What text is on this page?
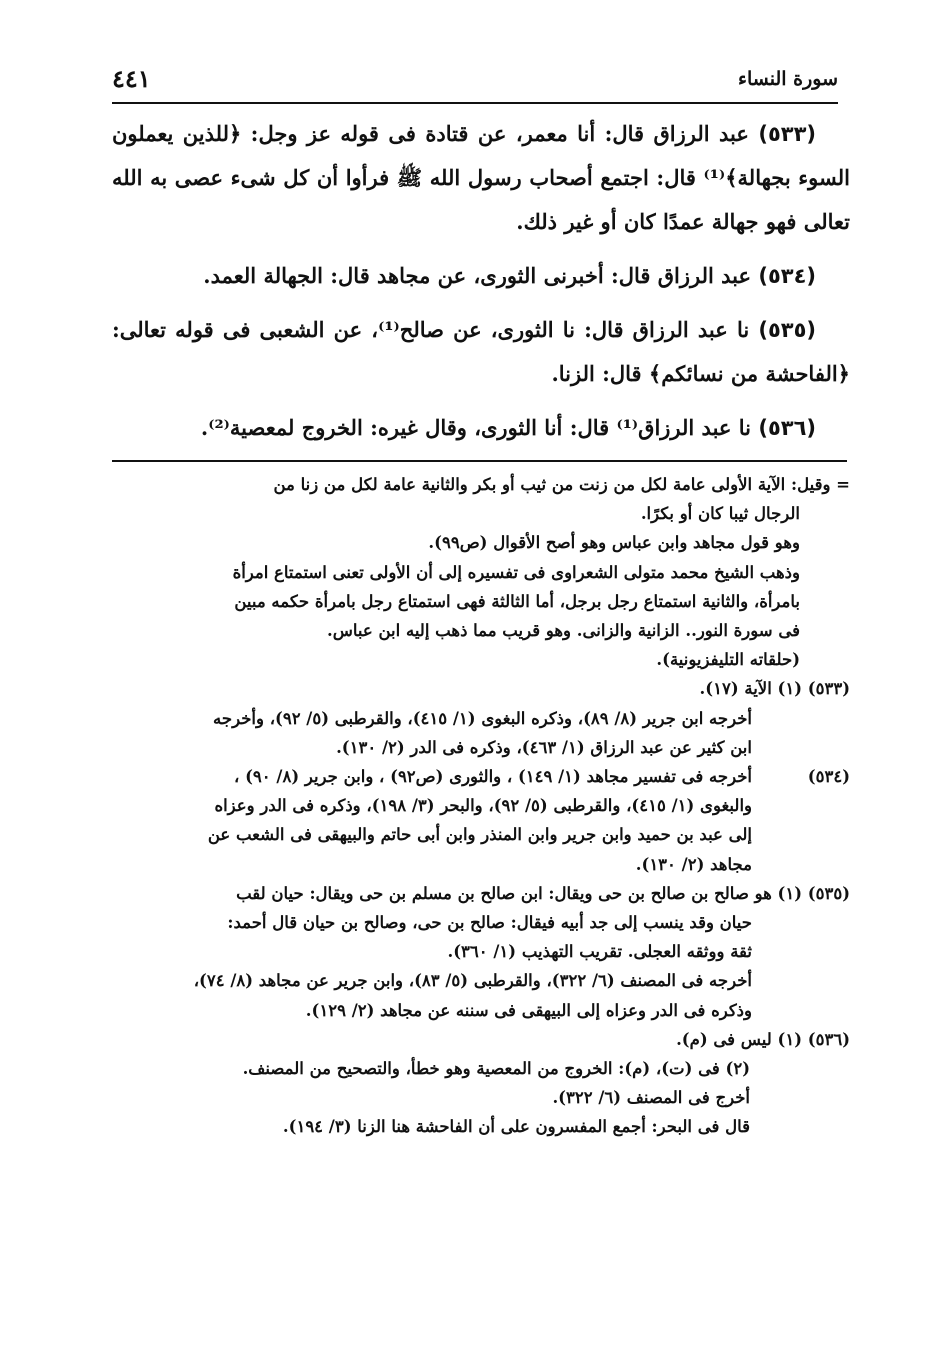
سورة النساء
٤٤١

(٥٣٣) عبد الرزاق قال: أنا معمر، عن قتادة فى قوله عز وجل: ﴿للذين يعملون السوء بجهالة﴾⁽¹⁾ قال: اجتمع أصحاب رسول الله ﷺ فرأوا أن كل شىء عصى به الله تعالى فهو جهالة عمدًا كان أو غير ذلك.

(٥٣٤) عبد الرزاق قال: أخبرنى الثورى، عن مجاهد قال: الجهالة العمد.

(٥٣٥) نا عبد الرزاق قال: نا الثورى، عن صالح⁽¹⁾، عن الشعبى فى قوله تعالى: ﴿الفاحشة من نسائكم﴾ قال: الزنا.

(٥٣٦) نا عبد الرزاق⁽¹⁾ قال: أنا الثورى، وقال غيره: الخروج لمعصية⁽²⁾.

= وقيل: الآية الأولى عامة لكل من زنت من ثيب أو بكر والثانية عامة لكل من زنا من
الرجال ثيبا كان أو بكرًا.
وهو قول مجاهد وابن عباس وهو أصح الأقوال (ص٩٩).
وذهب الشيخ محمد متولى الشعراوى فى تفسيره إلى أن الأولى تعنى استمتاع امرأة
بامرأة، والثانية استمتاع رجل برجل، أما الثالثة فهى استمتاع رجل بامرأة حكمه مبين
فى سورة النور.. الزانية والزانى. وهو قريب مما ذهب إليه ابن عباس.
(حلقاته التليفزيونية).
(٥٣٣) (١) الآية (١٧).
أخرجه ابن جرير (٨/ ٨٩)، وذكره البغوى (١/ ٤١٥)، والقرطبى (٥/ ٩٢)، وأخرجه
ابن كثير عن عبد الرزاق (١/ ٤٦٣)، وذكره فى الدر (٢/ ١٣٠).
(٥٣٤)أخرجه فى تفسير مجاهد (١/ ١٤٩) ، والثورى (ص٩٢) ، وابن جرير (٨/ ٩٠) ،
والبغوى (١/ ٤١٥)، والقرطبى (٥/ ٩٢)، والبحر (٣/ ١٩٨)، وذكره فى الدر وعزاه
إلى عبد بن حميد وابن جرير وابن المنذر وابن أبى حاتم والبيهقى فى الشعب عن
مجاهد (٢/ ١٣٠).
(٥٣٥) (١) هو صالح بن صالح بن حى ويقال: ابن صالح بن مسلم بن حى ويقال: حيان لقب
حيان وقد ينسب إلى جد أبيه فيقال: صالح بن حى، وصالح بن حيان قال أحمد:
ثقة ووثقه العجلى. تقريب التهذيب (١/ ٣٦٠).
أخرجه فى المصنف (٦/ ٣٢٢)، والقرطبى (٥/ ٨٣)، وابن جرير عن مجاهد (٨/ ٧٤)،
وذكره فى الدر وعزاه إلى البيهقى فى سننه عن مجاهد (٢/ ١٢٩).
(٥٣٦) (١) ليس فى (م).
(٢) فى (ت)، (م): الخروج من المعصية وهو خطأ، والتصحيح من المصنف.
أخرج فى المصنف (٦/ ٣٢٢).
قال فى البحر: أجمع المفسرون على أن الفاحشة هنا الزنا (٣/ ١٩٤).
